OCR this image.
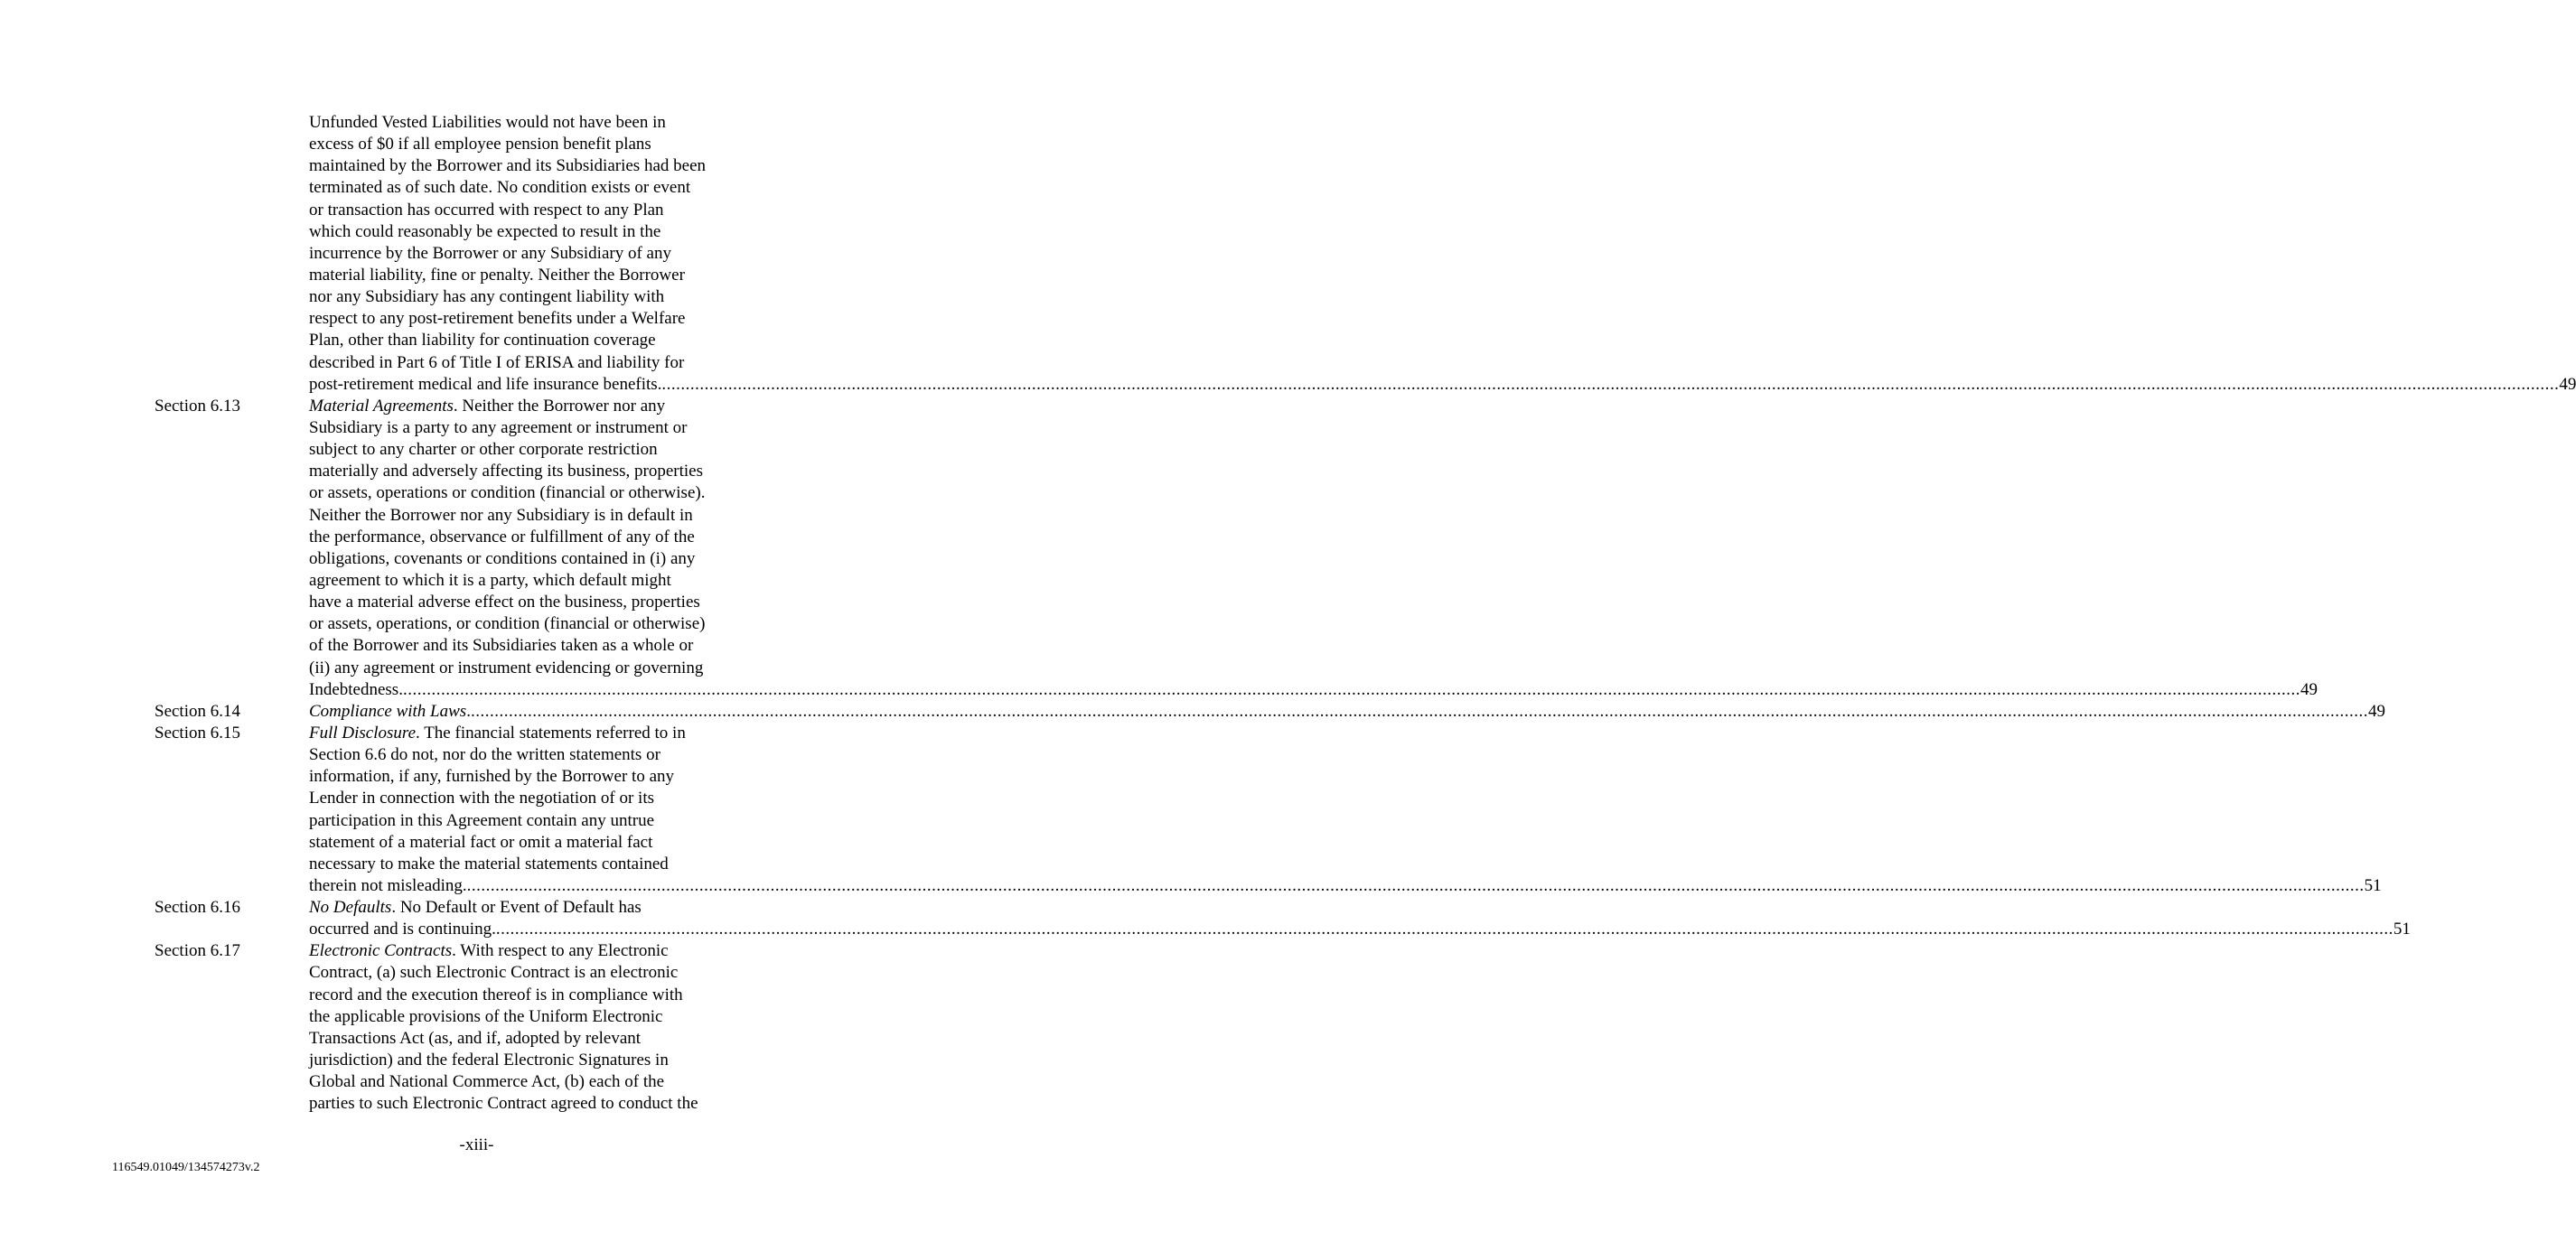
Unfunded Vested Liabilities would not have been in
excess of $0 if all employee pension benefit plans
maintained by the Borrower and its Subsidiaries had been
terminated as of such date. No condition exists or event
or transaction has occurred with respect to any Plan
which could reasonably be expected to result in the
incurrence by the Borrower or any Subsidiary of any
material liability, fine or penalty. Neither the Borrower
nor any Subsidiary has any contingent liability with
respect to any post-retirement benefits under a Welfare
Plan, other than liability for continuation coverage
described in Part 6 of Title I of ERISA and liability for
post-retirement medical and life insurance benefits. ................................................................................................................................................................................................................................................................................................................................................................................................................ 49
Section 6.13	Material Agreements. Neither the Borrower nor any
Subsidiary is a party to any agreement or instrument or
subject to any charter or other corporate restriction
materially and adversely affecting its business, properties
or assets, operations or condition (financial or otherwise).
Neither the Borrower nor any Subsidiary is in default in
the performance, observance or fulfillment of any of the
obligations, covenants or conditions contained in (i) any
agreement to which it is a party, which default might
have a material adverse effect on the business, properties
or assets, operations, or condition (financial or otherwise)
of the Borrower and its Subsidiaries taken as a whole or
(ii) any agreement or instrument evidencing or governing
Indebtedness. ................................................................................................................................................................................................................................................................................................................................................................................................................ 49
Section 6.14	Compliance with Laws. ................................................................................................................................................................................................................................................................................................................................................................................................................ 49
Section 6.15	Full Disclosure. The financial statements referred to in
Section 6.6 do not, nor do the written statements or
information, if any, furnished by the Borrower to any
Lender in connection with the negotiation of or its
participation in this Agreement contain any untrue
statement of a material fact or omit a material fact
necessary to make the material statements contained
therein not misleading. ................................................................................................................................................................................................................................................................................................................................................................................................................ 51
Section 6.16	No Defaults. No Default or Event of Default has
occurred and is continuing. ................................................................................................................................................................................................................................................................................................................................................................................................................ 51
Section 6.17	Electronic Contracts. With respect to any Electronic
Contract, (a) such Electronic Contract is an electronic
record and the execution thereof is in compliance with
the applicable provisions of the Uniform Electronic
Transactions Act (as, and if, adopted by relevant
jurisdiction) and the federal Electronic Signatures in
Global and National Commerce Act, (b) each of the
parties to such Electronic Contract agreed to conduct the
-xiii-
116549.01049/134574273v.2
